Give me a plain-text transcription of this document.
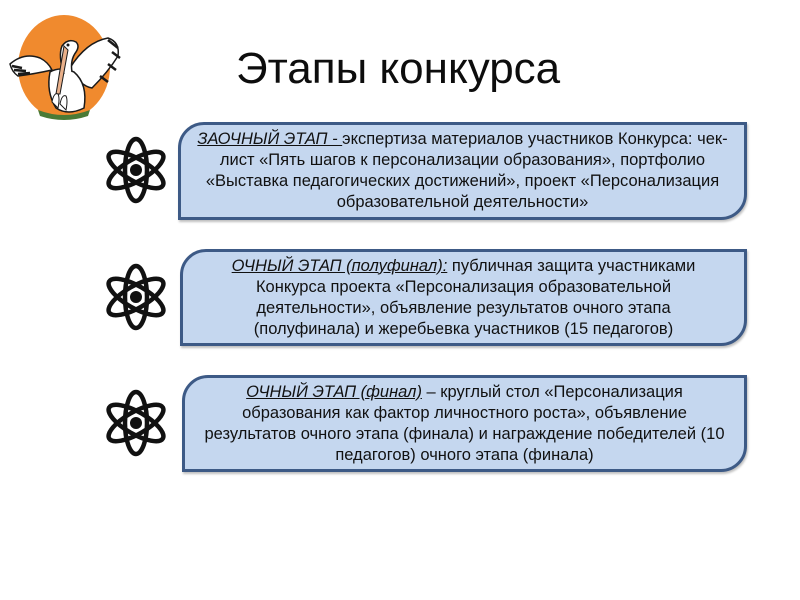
Этапы конкурса

ЗАОЧНЫЙ ЭТАП - экспертиза материалов участников Конкурса: чек-лист «Пять шагов к персонализации образования», портфолио «Выставка педагогических достижений», проект «Персонализация образовательной деятельности»

ОЧНЫЙ ЭТАП (полуфинал): публичная защита участниками Конкурса проекта «Персонализация образовательной деятельности», объявление результатов очного этапа (полуфинала) и жеребьевка участников (15 педагогов)

ОЧНЫЙ ЭТАП (финал) – круглый стол «Персонализация образования как фактор личностного роста», объявление результатов очного этапа (финала) и награждение победителей (10 педагогов) очного этапа (финала)
